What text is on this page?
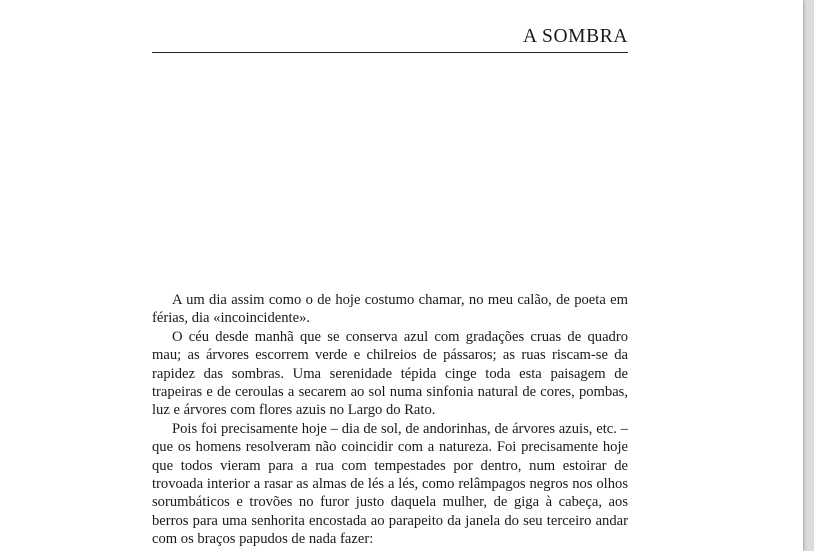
A SOMBRA

A um dia assim como o de hoje costumo chamar, no meu calão, de poeta em férias, dia «incoincidente».

O céu desde manhã que se conserva azul com gradações cruas de quadro mau; as árvores escorrem verde e chilreios de pássaros; as ruas riscam-se da rapidez das sombras. Uma serenidade tépida cinge toda esta paisagem de trapeiras e de ceroulas a secarem ao sol numa sinfonia natural de cores, pombas, luz e árvores com flores azuis no Largo do Rato.

Pois foi precisamente hoje – dia de sol, de andorinhas, de árvores azuis, etc. – que os homens resolveram não coincidir com a natureza. Foi precisamente hoje que todos vieram para a rua com tempestades por dentro, num estoirar de trovoada interior a rasar as almas de lés a lés, como relâmpagos negros nos olhos sorumbáticos e trovões no furor justo daquela mulher, de giga à cabeça, aos berros para uma senhorita encostada ao parapeito da janela do seu terceiro andar com os braços papudos de nada fazer:
